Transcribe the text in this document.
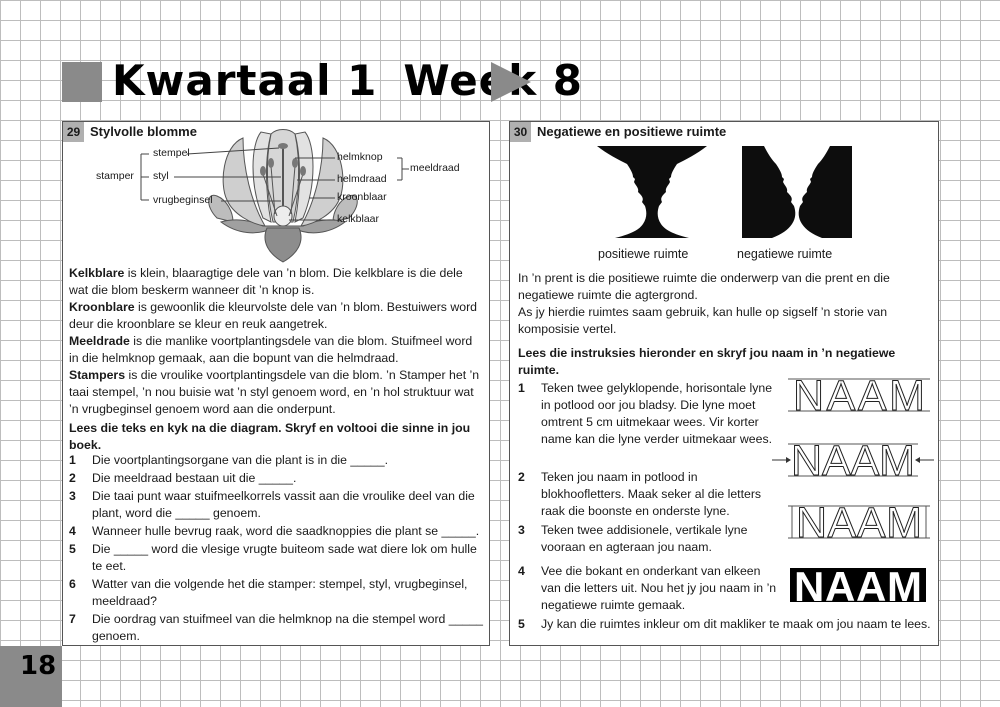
Kwartaal 1 Week 8
29 Stylvolle blomme
stempel
stamper styl
vrugbeginsel
helmknop
helmdraad
meeldraad
kroonblaar
kelkblaar

Kelkblare is klein, blaaragtige dele van ’n blom. Die kelkblare is die dele wat die blom beskerm wanneer dit ’n knop is.

Kroonblare is gewoonlik die kleurvolste dele van ’n blom. Bestuiwers word deur die kroonblare se kleur en reuk aangetrek.

Meeldrade is die manlike voortplantingsdele van die blom. Stuifmeel word in die helmknop gemaak, aan die bopunt van die helmdraad.

Stampers is die vroulike voortplantingsdele van die blom. ’n Stamper het ’n taai stempel, ’n nou buisie wat ’n styl genoem word, en ’n hol struktuur wat ’n vrugbeginsel genoem word aan die onderpunt.

Lees die teks en kyk na die diagram. Skryf en voltooi die sinne in jou boek.

1	Die voortplantingsorgane van die plant is in die _____.
2	Die meeldraad bestaan uit die _____.
3	Die taai punt waar stuifmeelkorrels vassit aan die vroulike deel van die plant, word die _____ genoem.
4	Wanneer hulle bevrug raak, word die saadknoppies die plant se _____.
5	Die _____ word die vlesige vrugte buiteom sade wat diere lok om hulle te eet.
6	Watter van die volgende het die stamper: stempel, styl, vrugbeginsel, meeldraad?
7	Die oordrag van stuifmeel van die helmknop na die stempel word _____ genoem.
30 Negatiewe en positiewe ruimte
positiewe ruimte	negatiewe ruimte

In ’n prent is die positiewe ruimte die onderwerp van die prent en die negatiewe ruimte die agtergrond.

As jy hierdie ruimtes saam gebruik, kan hulle op sigself ’n storie van komposisie vertel.

Lees die instruksies hieronder en skryf jou naam in ’n negatiewe ruimte.

1	Teken twee gelyklopende, horisontale lyne in potlood oor jou bladsy. Die lyne moet omtrent 5 cm uitmekaar wees. Vir korter name kan die lyne verder uitmekaar wees.
2	Teken jou naam in potlood in blokhoofletters. Maak seker al die letters raak die boonste en onderste lyne.
3	Teken twee addisionele, vertikale lyne vooraan en agteraan jou naam.
4	Vee die bokant en onderkant van elkeen van die letters uit. Nou het jy jou naam in ’n negatiewe ruimte gemaak.
5	Jy kan die ruimtes inkleur om dit makliker te maak om jou naam te lees.
NAAM
NAAM
NAAM
NAAM
18
